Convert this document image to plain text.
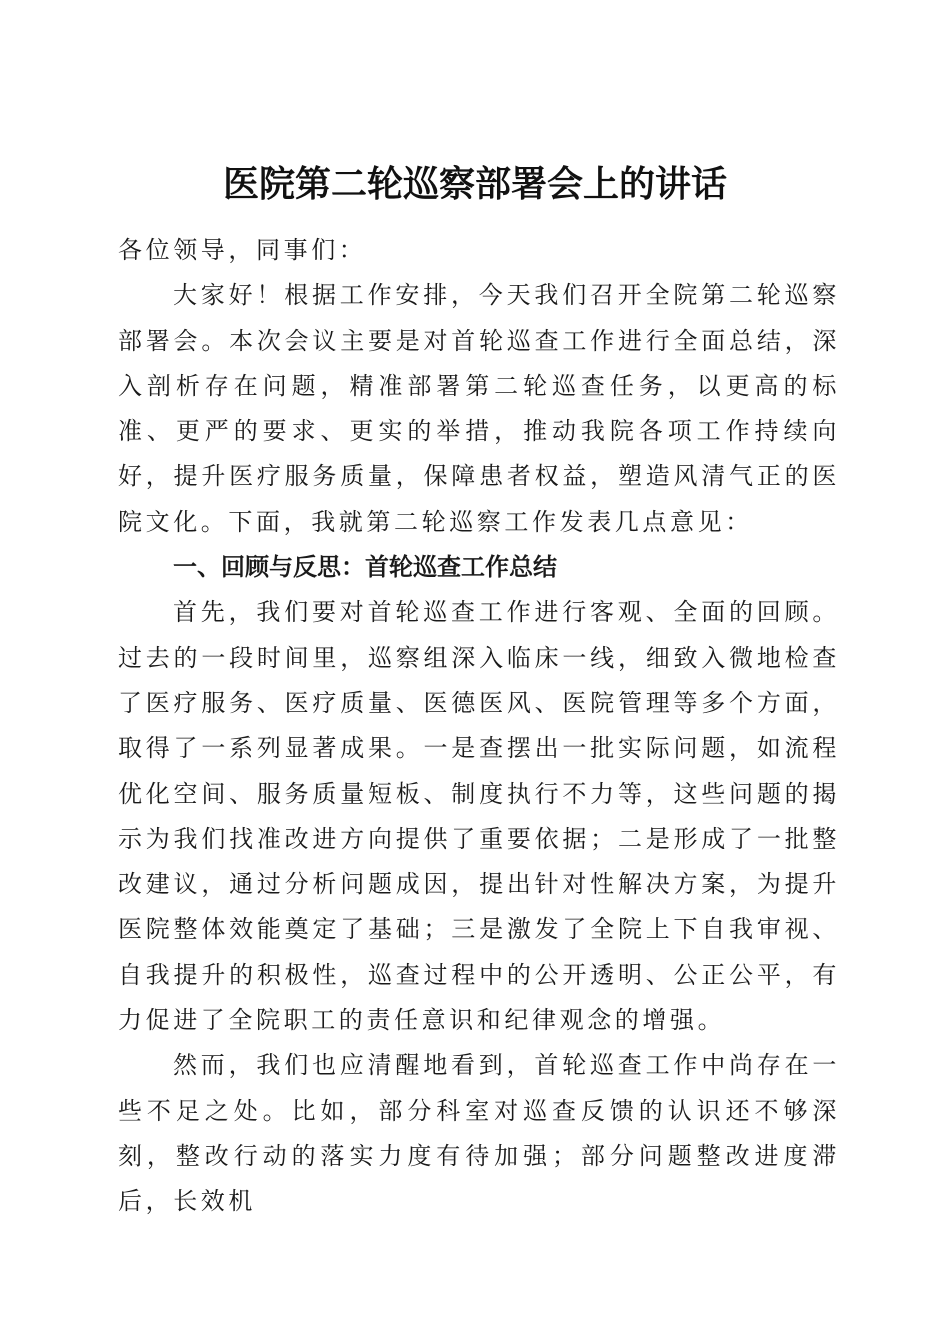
医院第二轮巡察部署会上的讲话

各位领导，同事们：

大家好！根据工作安排，今天我们召开全院第二轮巡察部署会。本次会议主要是对首轮巡查工作进行全面总结，深入剖析存在问题，精准部署第二轮巡查任务，以更高的标准、更严的要求、更实的举措，推动我院各项工作持续向好，提升医疗服务质量，保障患者权益，塑造风清气正的医院文化。下面，我就第二轮巡察工作发表几点意见：

一、回顾与反思：首轮巡查工作总结

首先，我们要对首轮巡查工作进行客观、全面的回顾。过去的一段时间里，巡察组深入临床一线，细致入微地检查了医疗服务、医疗质量、医德医风、医院管理等多个方面，取得了一系列显著成果。一是查摆出一批实际问题，如流程优化空间、服务质量短板、制度执行不力等，这些问题的揭示为我们找准改进方向提供了重要依据；二是形成了一批整改建议，通过分析问题成因，提出针对性解决方案，为提升医院整体效能奠定了基础；三是激发了全院上下自我审视、自我提升的积极性，巡查过程中的公开透明、公正公平，有力促进了全院职工的责任意识和纪律观念的增强。

然而，我们也应清醒地看到，首轮巡查工作中尚存在一些不足之处。比如，部分科室对巡查反馈的认识还不够深刻，整改行动的落实力度有待加强；部分问题整改进度滞后，长效机
